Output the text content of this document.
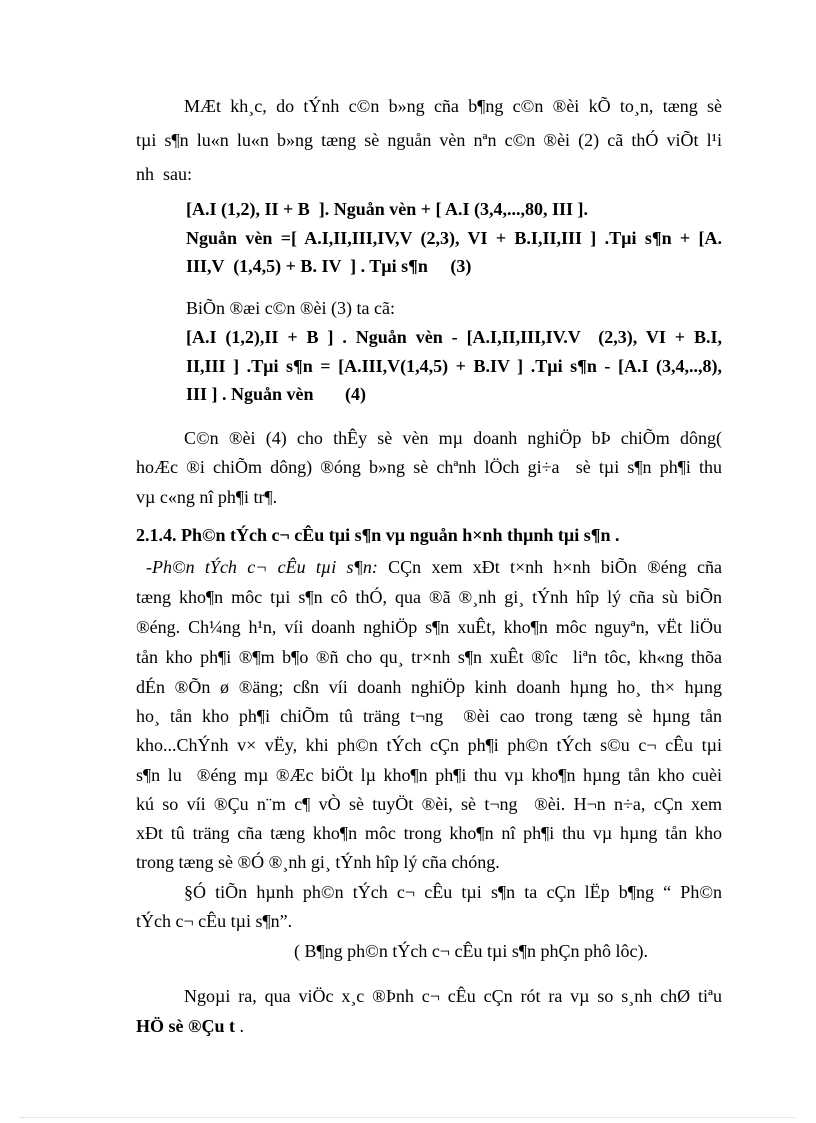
MÆt kh¸c, do tÝnh c©n b»ng cña b¶ng c©n ®èi kÕ to¸n, tæng sè
tµi s¶n lu«n lu«n b»ng tæng sè nguån vèn nªn c©n ®èi (2) cã thÓ viÕt l¹i
nh  sau:
[A.I (1,2), II + B  ]. Nguån vèn + [ A.I (3,4,...,80, III ].
Nguån vèn =[ A.I,II,III,IV,V (2,3), VI + B.I,II,III ] .Tµi s¶n + [A.
III,V  (1,4,5) + B. IV  ] . Tµi s¶n     (3)
BiÕn ®æi c©n ®èi (3) ta cã:
[A.I (1,2),II + B ] . Nguån vèn - [A.I,II,III,IV.V  (2,3), VI + B.I,
II,III ] .Tµi s¶n = [A.III,V(1,4,5) + B.IV ] .Tµi s¶n - [A.I (3,4,..,8),
III ] . Nguån vèn       (4)
C©n ®èi (4) cho thÊy sè vèn mµ doanh nghiÖp bÞ chiÕm dông(
hoÆc ®i chiÕm dông) ®óng b»ng sè chªnh lÖch gi÷a  sè tµi s¶n ph¶i thu
vµ c«ng nî ph¶i tr¶.
2.1.4. Ph©n tÝch c¬ cÊu tµi s¶n vµ nguån h×nh thµnh tµi s¶n .
-Ph©n tÝch c¬ cÊu tµi s¶n: CÇn xem xÐt t×nh h×nh biÕn ®éng cña
tæng kho¶n môc tµi s¶n cô thÓ, qua ®ã ®¸nh gi¸ tÝnh hîp lý cña sù biÕn
®éng. Ch¼ng h¹n, víi doanh nghiÖp s¶n xuÊt, kho¶n môc nguyªn, vËt liÖu
tån kho ph¶i ®¶m b¶o ®ñ cho qu¸ tr×nh s¶n xuÊt ®îc  liªn tôc, kh«ng thõa
dÉn ®Õn ø ®äng; cßn víi doanh nghiÖp kinh doanh hµng ho¸ th× hµng
ho¸ tån kho ph¶i chiÕm tû träng t¬ng  ®èi cao trong tæng sè hµng tån
kho...ChÝnh v× vËy, khi ph©n tÝch cÇn ph¶i ph©n tÝch s©u c¬ cÊu tµi
s¶n lu  ®éng mµ ®Æc biÖt lµ kho¶n ph¶i thu vµ kho¶n hµng tån kho cuèi
kú so víi ®Çu n¨m c¶ vÒ sè tuyÖt ®èi, sè t¬ng  ®èi. H¬n n÷a, cÇn xem
xÐt tû träng cña tæng kho¶n môc trong kho¶n nî ph¶i thu vµ hµng tån kho
trong tæng sè ®Ó ®¸nh gi¸ tÝnh hîp lý cña chóng.
§Ó tiÕn hµnh ph©n tÝch c¬ cÊu tµi s¶n ta cÇn lËp b¶ng “ Ph©n
tÝch c¬ cÊu tµi s¶n”.
( B¶ng ph©n tÝch c¬ cÊu tµi s¶n phÇn phô lôc).
Ngoµi ra, qua viÖc x¸c ®Þnh c¬ cÊu cÇn rót ra vµ so s¸nh chØ tiªu
HÖ sè ®Çu t .
